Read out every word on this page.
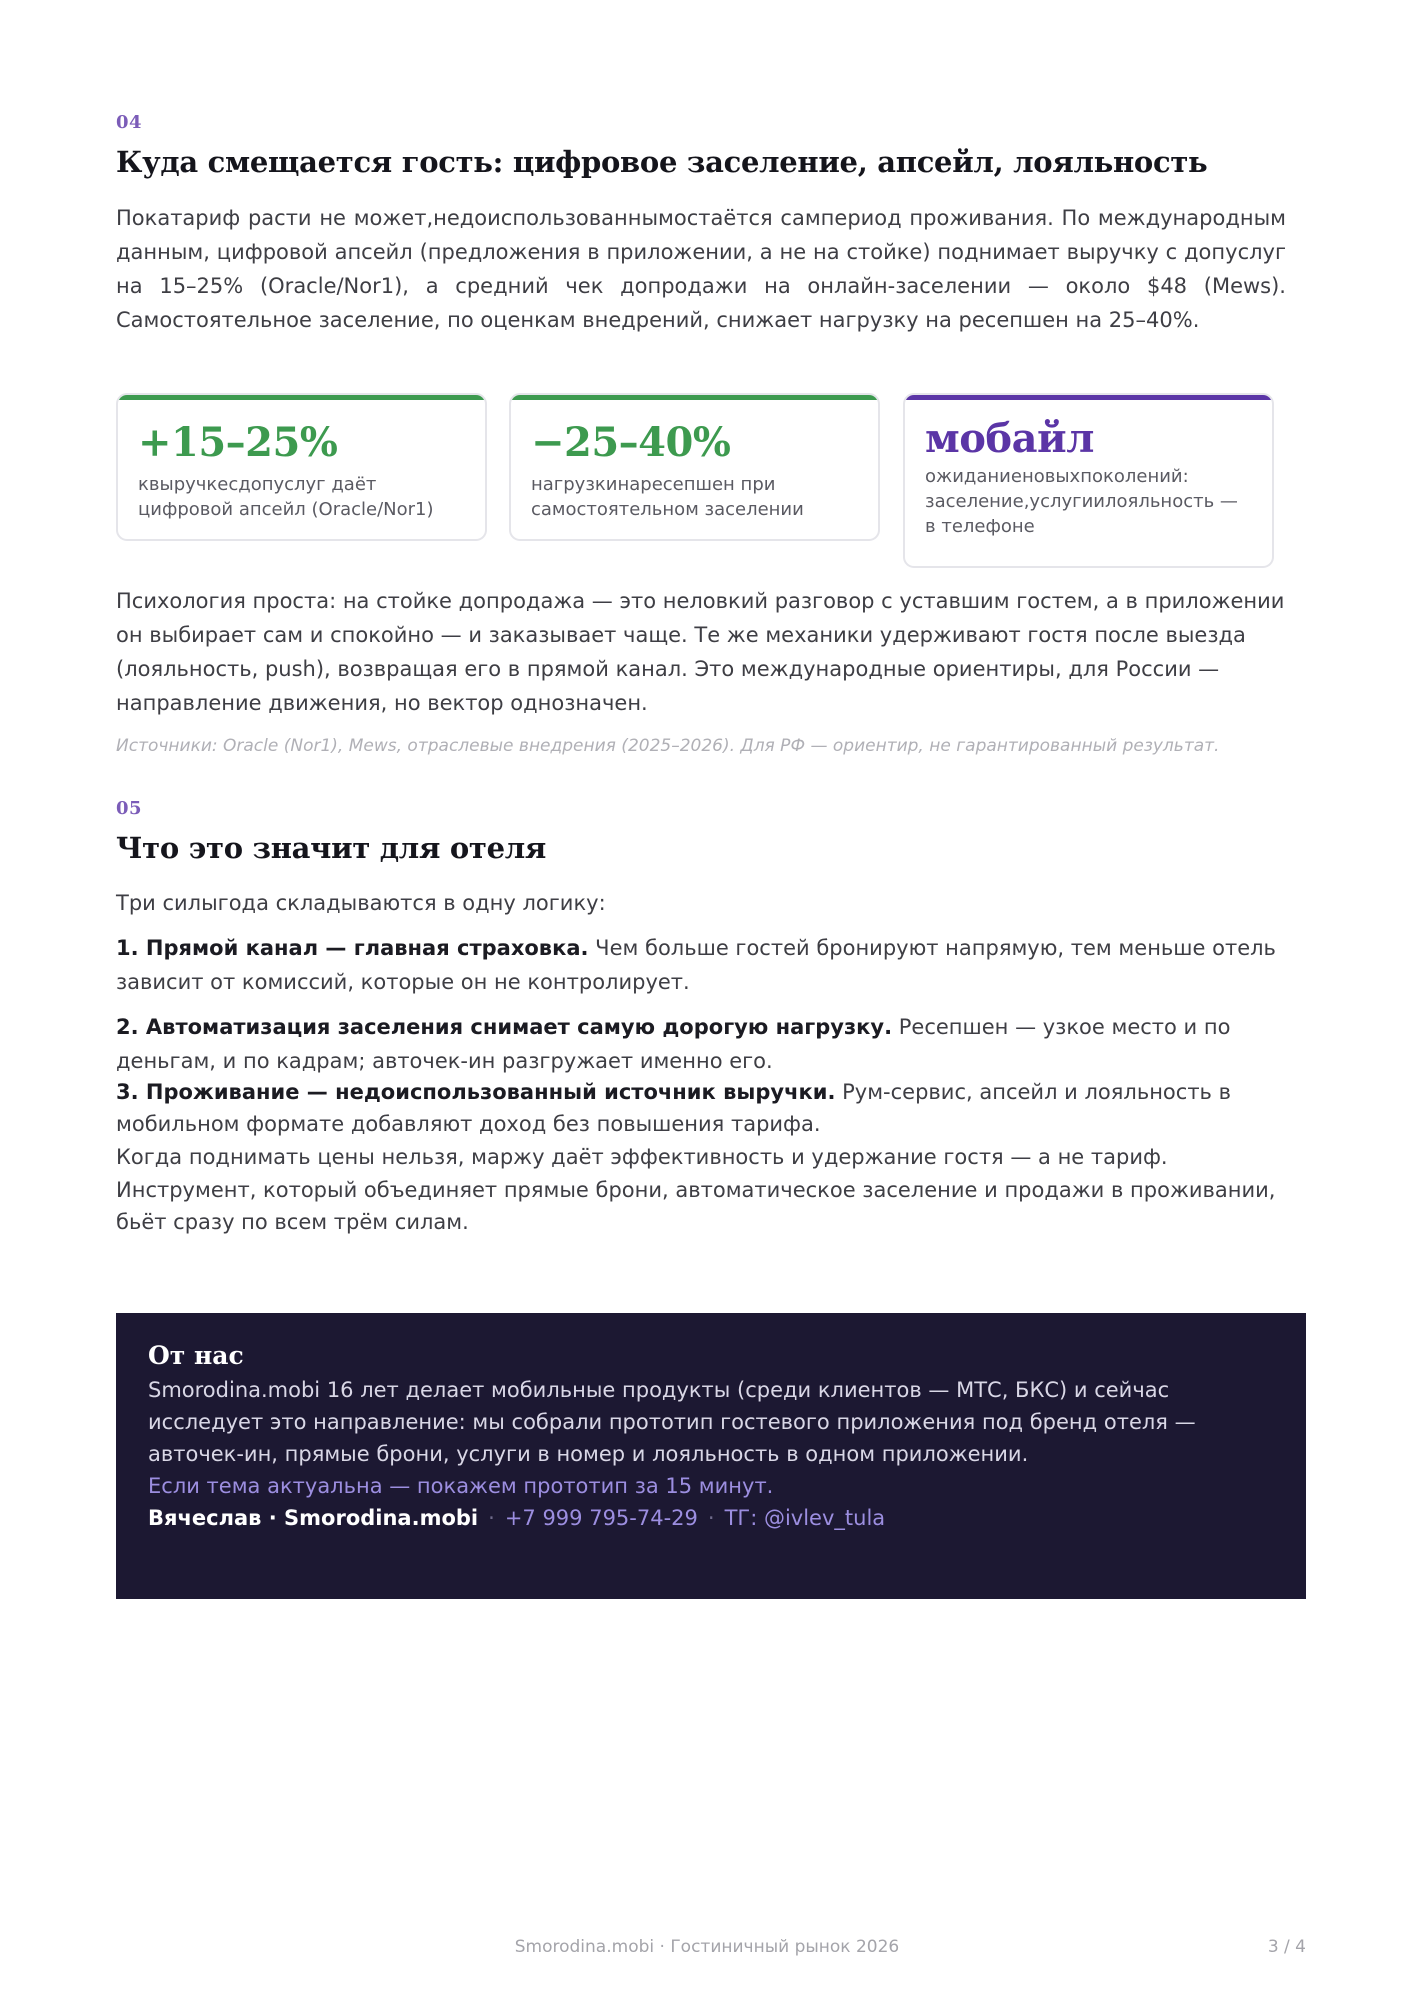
04
Куда смещается гость: цифровое заселение, апсейл, лояльность

Покатариф расти не может,недоиспользованнымостаётся сампериод проживания. По международным данным, цифровой апсейл (предложения в приложении, а не на стойке) поднимает выручку с допуслуг на 15–25% (Oracle/Nor1), а средний чек допродажи на онлайн-заселении — около $48 (Mews). Самостоятельное заселение, по оценкам внедрений, снижает нагрузку на ресепшен на 25–40%.

+15–25%
квыручкесдопуслуг даёт цифровой апсейл (Oracle/Nor1)
−25–40%
нагрузкинаресепшен при самостоятельном заселении
мобайл
ожиданиеновыхпоколений: заселение,услугиилояльность — в телефоне

Психология проста: на стойке допродажа — это неловкий разговор с уставшим гостем, а в приложении он выбирает сам и спокойно — и заказывает чаще. Те же механики удерживают гостя после выезда (лояльность, push), возвращая его в прямой канал. Это международные ориентиры, для России — направление движения, но вектор однозначен.

Источники: Oracle (Nor1), Mews, отраслевые внедрения (2025–2026). Для РФ — ориентир, не гарантированный результат.

05
Что это значит для отеля

Три силыгода складываются в одну логику:

1. Прямой канал — главная страховка. Чем больше гостей бронируют напрямую, тем меньше отель зависит от комиссий, которые он не контролирует.

2. Автоматизация заселения снимает самую дорогую нагрузку. Ресепшен — узкое место и по деньгам, и по кадрам; авточек-ин разгружает именно его.

3. Проживание — недоиспользованный источник выручки. Рум-сервис, апсейл и лояльность в мобильном формате добавляют доход без повышения тарифа.

Когда поднимать цены нельзя, маржу даёт эффективность и удержание гостя — а не тариф.

Инструмент, который объединяет прямые брони, автоматическое заселение и продажи в проживании, бьёт сразу по всем трём силам.

От нас

Smorodina.mobi 16 лет делает мобильные продукты (среди клиентов — МТС, БКС) и сейчас исследует это направление: мы собрали прототип гостевого приложения под бренд отеля — авточек-ин, прямые брони, услуги в номер и лояльность в одном приложении.

Если тема актуальна — покажем прототип за 15 минут.

Вячеслав · Smorodina.mobi · +7 999 795-74-29 · ТГ: @ivlev_tula

Smorodina.mobi · Гостиничный рынок 2026	3 / 4
